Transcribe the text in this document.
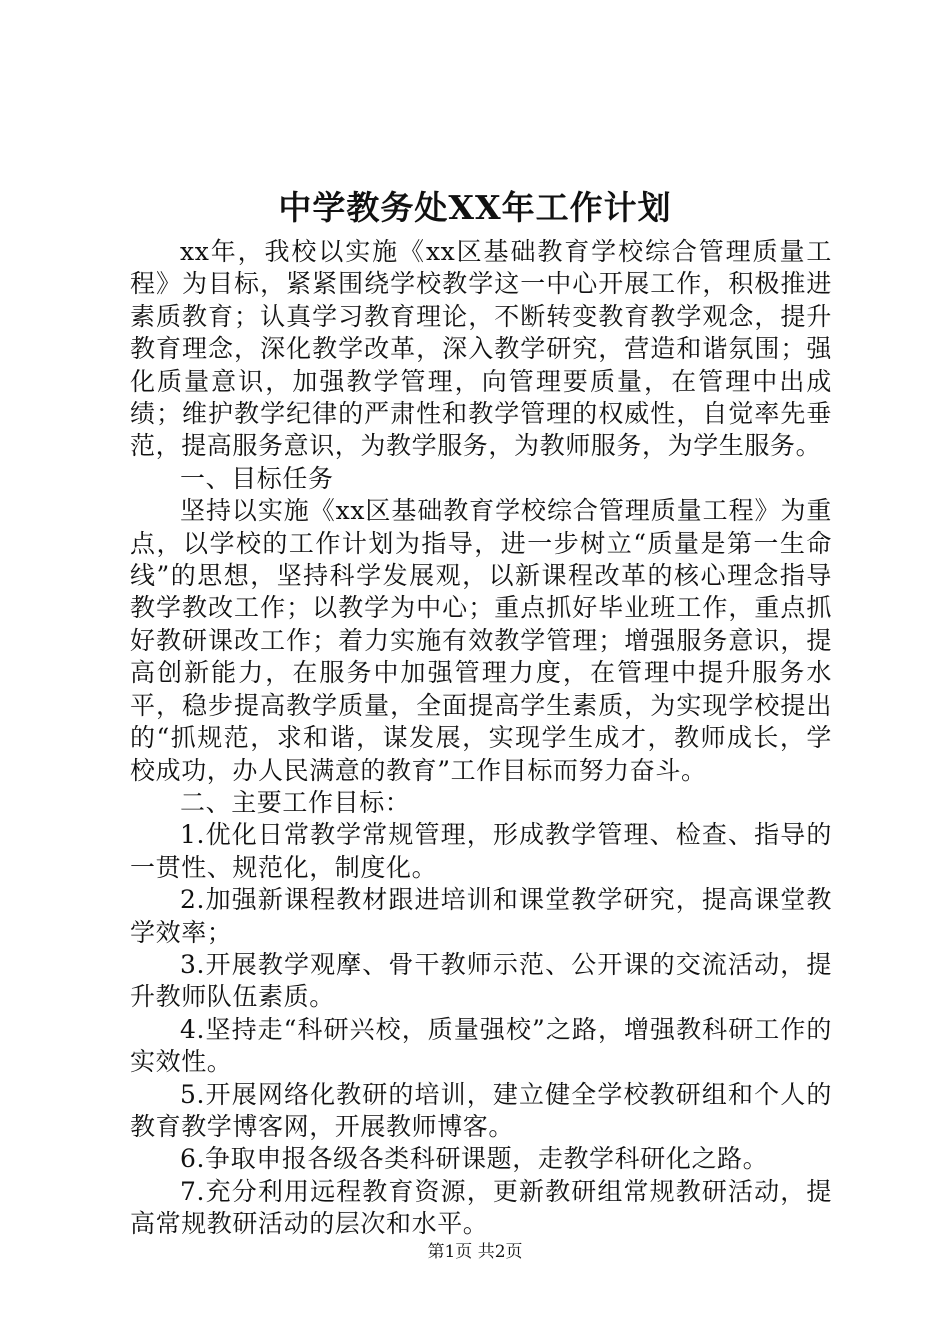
中学教务处XX年工作计划

xx年，我校以实施《xx区基础教育学校综合管理质量工程》为目标，紧紧围绕学校教学这一中心开展工作，积极推进素质教育；认真学习教育理论，不断转变教育教学观念，提升教育理念，深化教学改革，深入教学研究，营造和谐氛围；强化质量意识，加强教学管理，向管理要质量，在管理中出成绩；维护教学纪律的严肃性和教学管理的权威性，自觉率先垂范，提高服务意识，为教学服务，为教师服务，为学生服务。

一、目标任务

坚持以实施《xx区基础教育学校综合管理质量工程》为重点，以学校的工作计划为指导，进一步树立“质量是第一生命线”的思想，坚持科学发展观，以新课程改革的核心理念指导教学教改工作；以教学为中心；重点抓好毕业班工作，重点抓好教研课改工作；着力实施有效教学管理；增强服务意识，提高创新能力，在服务中加强管理力度，在管理中提升服务水平，稳步提高教学质量，全面提高学生素质，为实现学校提出的“抓规范，求和谐，谋发展，实现学生成才，教师成长，学校成功，办人民满意的教育”工作目标而努力奋斗。

二、主要工作目标：

1.优化日常教学常规管理，形成教学管理、检查、指导的一贯性、规范化，制度化。

2.加强新课程教材跟进培训和课堂教学研究，提高课堂教学效率；

3.开展教学观摩、骨干教师示范、公开课的交流活动，提升教师队伍素质。

4.坚持走“科研兴校，质量强校”之路，增强教科研工作的实效性。

5.开展网络化教研的培训，建立健全学校教研组和个人的教育教学博客网，开展教师博客。

6.争取申报各级各类科研课题，走教学科研化之路。

7.充分利用远程教育资源，更新教研组常规教研活动，提高常规教研活动的层次和水平。

第1页 共2页
